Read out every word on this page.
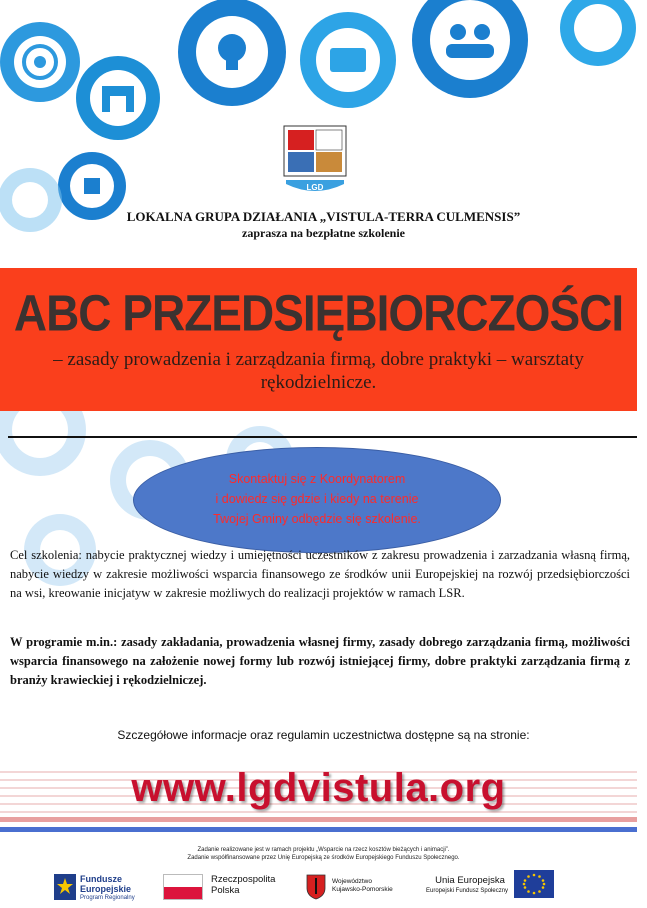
LGD
LOKALNA GRUPA DZIAŁANIA „VISTULA-TERRA CULMENSIS”
zaprasza na bezpłatne szkolenie
ABC PRZEDSIĘBIORCZOŚCI
– zasady prowadzenia i zarządzania firmą, dobre praktyki – warsztaty rękodzielnicze.
Skontaktuj się z Koordynatorem
i dowiedz się gdzie i kiedy na terenie
Twojej Gminy odbędzie się szkolenie.
Cel szkolenia: nabycie praktycznej wiedzy i umiejętności uczestników z zakresu prowadzenia i zarzadzania własną firmą, nabycie wiedzy w zakresie możliwości wsparcia finansowego ze środków unii Europejskiej na rozwój przedsiębiorczości na wsi, kreowanie inicjatyw w zakresie możliwych do realizacji projektów w ramach LSR.
W programie m.in.: zasady zakładania, prowadzenia własnej firmy, zasady dobrego zarządzania firmą, możliwości wsparcia finansowego na założenie nowej formy lub rozwój istniejącej firmy, dobre praktyki zarządzania firmą z branży krawieckiej i rękodzielniczej.
Szczegółowe informacje oraz regulamin uczestnictwa dostępne są na stronie:
www.lgdvistula.org
Zadanie realizowane jest w ramach projektu „Wsparcie na rzecz kosztów bieżących i animacji”.
Zadanie współfinansowane przez Unię Europejską ze środków Europejskiego Funduszu Społecznego.
Fundusze
Europejskie
Program Regionalny
Rzeczpospolita
Polska
Województwo
Kujawsko-Pomorskie
Unia Europejska
Europejski Fundusz Społeczny
